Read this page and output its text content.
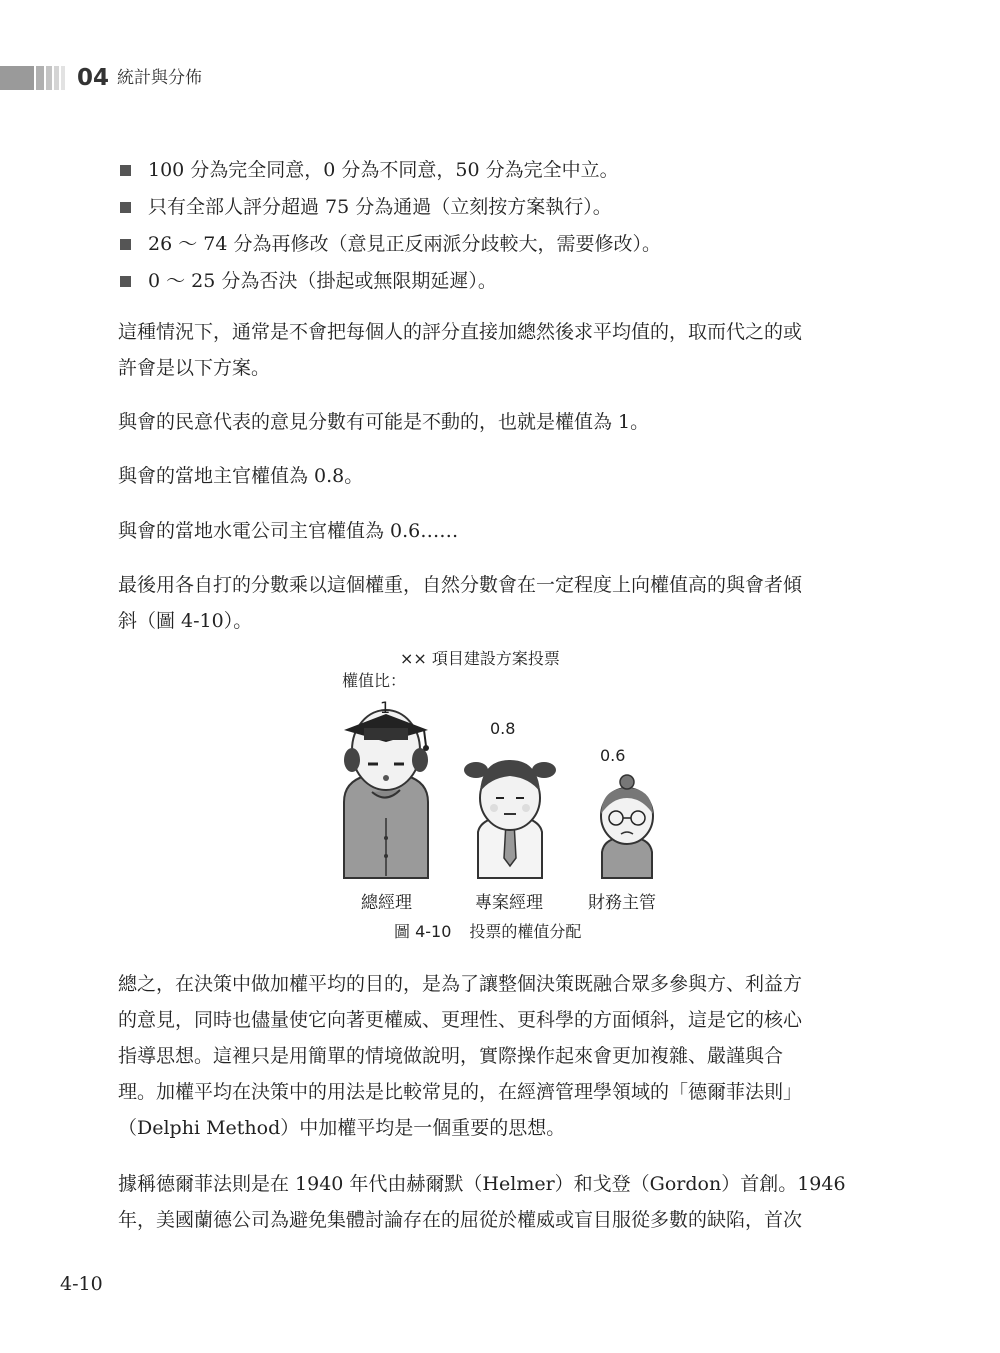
04 統計與分佈
100 分為完全同意，0 分為不同意，50 分為完全中立。
只有全部人評分超過 75 分為通過（立刻按方案執行）。
26 ～ 74 分為再修改（意見正反兩派分歧較大，需要修改）。
0 ～ 25 分為否決（掛起或無限期延遲）。
這種情況下，通常是不會把每個人的評分直接加總然後求平均值的，取而代之的或
許會是以下方案。
與會的民意代表的意見分數有可能是不動的，也就是權值為 1。
與會的當地主官權值為 0.8。
與會的當地水電公司主官權值為 0.6……
最後用各自打的分數乘以這個權重，自然分數會在一定程度上向權值高的與會者傾
斜（圖 4-10）。
×× 項目建設方案投票
權值比：
1
0.8
0.6
總經理	專案經理	財務主管
圖 4-10 投票的權值分配
總之，在決策中做加權平均的目的，是為了讓整個決策既融合眾多參與方、利益方
的意見，同時也儘量使它向著更權威、更理性、更科學的方面傾斜，這是它的核心
指導思想。這裡只是用簡單的情境做說明，實際操作起來會更加複雜、嚴謹與合
理。加權平均在決策中的用法是比較常見的，在經濟管理學領域的「德爾菲法則」
（Delphi Method）中加權平均是一個重要的思想。
據稱德爾菲法則是在 1940 年代由赫爾默（Helmer）和戈登（Gordon）首創。1946
年，美國蘭德公司為避免集體討論存在的屈從於權威或盲目服從多數的缺陷，首次
4-10
